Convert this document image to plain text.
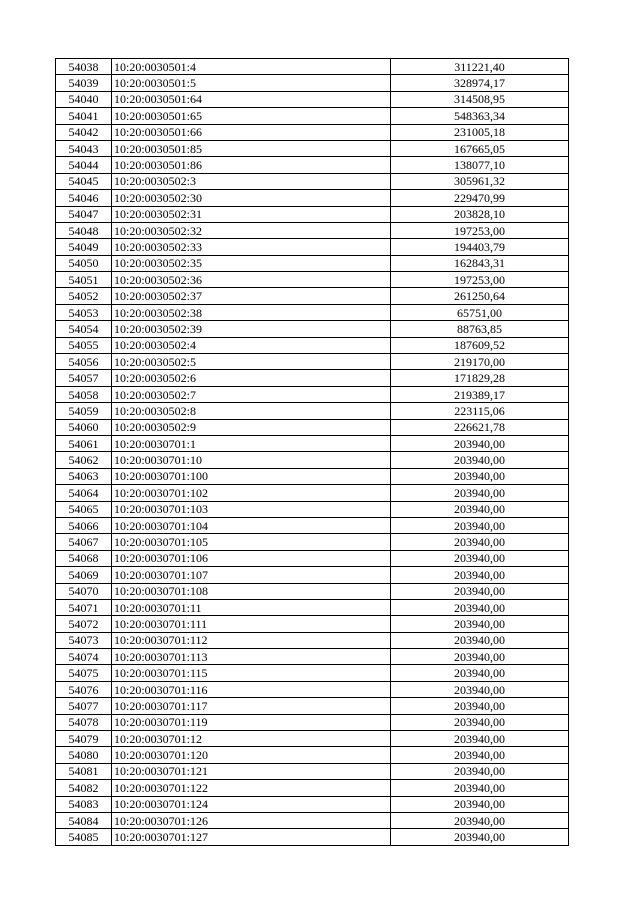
54038	10:20:0030501:4	311221,40
54039	10:20:0030501:5	328974,17
54040	10:20:0030501:64	314508,95
54041	10:20:0030501:65	548363,34
54042	10:20:0030501:66	231005,18
54043	10:20:0030501:85	167665,05
54044	10:20:0030501:86	138077,10
54045	10:20:0030502:3	305961,32
54046	10:20:0030502:30	229470,99
54047	10:20:0030502:31	203828,10
54048	10:20:0030502:32	197253,00
54049	10:20:0030502:33	194403,79
54050	10:20:0030502:35	162843,31
54051	10:20:0030502:36	197253,00
54052	10:20:0030502:37	261250,64
54053	10:20:0030502:38	65751,00
54054	10:20:0030502:39	88763,85
54055	10:20:0030502:4	187609,52
54056	10:20:0030502:5	219170,00
54057	10:20:0030502:6	171829,28
54058	10:20:0030502:7	219389,17
54059	10:20:0030502:8	223115,06
54060	10:20:0030502:9	226621,78
54061	10:20:0030701:1	203940,00
54062	10:20:0030701:10	203940,00
54063	10:20:0030701:100	203940,00
54064	10:20:0030701:102	203940,00
54065	10:20:0030701:103	203940,00
54066	10:20:0030701:104	203940,00
54067	10:20:0030701:105	203940,00
54068	10:20:0030701:106	203940,00
54069	10:20:0030701:107	203940,00
54070	10:20:0030701:108	203940,00
54071	10:20:0030701:11	203940,00
54072	10:20:0030701:111	203940,00
54073	10:20:0030701:112	203940,00
54074	10:20:0030701:113	203940,00
54075	10:20:0030701:115	203940,00
54076	10:20:0030701:116	203940,00
54077	10:20:0030701:117	203940,00
54078	10:20:0030701:119	203940,00
54079	10:20:0030701:12	203940,00
54080	10:20:0030701:120	203940,00
54081	10:20:0030701:121	203940,00
54082	10:20:0030701:122	203940,00
54083	10:20:0030701:124	203940,00
54084	10:20:0030701:126	203940,00
54085	10:20:0030701:127	203940,00
